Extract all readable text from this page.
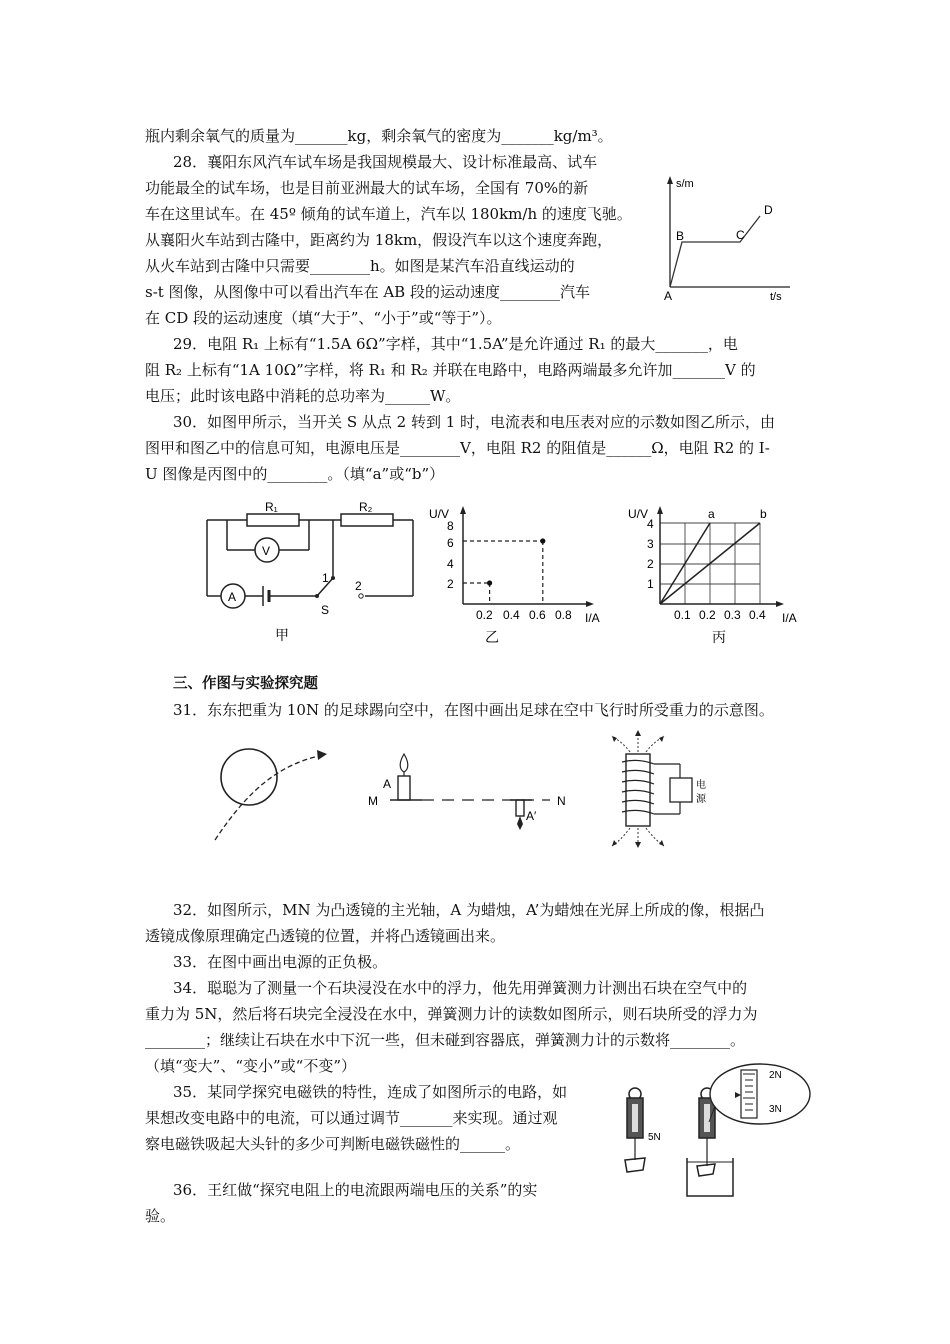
瓶内剩余氧气的质量为_______kg，剩余氧气的密度为_______kg/m³。
28．襄阳东风汽车试车场是我国规模最大、设计标准最高、试车
功能最全的试车场，也是目前亚洲最大的试车场，全国有 70%的新
车在这里试车。在 45º 倾角的试车道上，汽车以 180km/h 的速度飞驰。
从襄阳火车站到古隆中，距离约为 18km，假设汽车以这个速度奔跑，
从火车站到古隆中只需要________h。如图是某汽车沿直线运动的
s-t 图像，从图像中可以看出汽车在 AB 段的运动速度________汽车
在 CD 段的运动速度（填“大于”、“小于”或“等于”）。
29．电阻 R₁ 上标有“1.5A 6Ω”字样，其中“1.5A”是允许通过 R₁ 的最大_______，电
阻 R₂ 上标有“1A 10Ω”字样，将 R₁ 和 R₂ 并联在电路中，电路两端最多允许加_______V 的
电压；此时该电路中消耗的总功率为______W。
30．如图甲所示，当开关 S 从点 2 转到 1 时，电流表和电压表对应的示数如图乙所示，由
图甲和图乙中的信息可知，电源电压是________V，电阻 R2 的阻值是______Ω，电阻 R2 的 I-
U 图像是丙图中的________。（填“a”或“b”）
三、作图与实验探究题
31．东东把重为 10N 的足球踢向空中，在图中画出足球在空中飞行时所受重力的示意图。
32．如图所示，MN 为凸透镜的主光轴，A 为蜡烛，A’为蜡烛在光屏上所成的像，根据凸
透镜成像原理确定凸透镜的位置，并将凸透镜画出来。
33．在图中画出电源的正负极。
34．聪聪为了测量一个石块浸没在水中的浮力，他先用弹簧测力计测出石块在空气中的
重力为 5N，然后将石块完全浸没在水中，弹簧测力计的读数如图所示，则石块所受的浮力为
________；继续让石块在水中下沉一些，但未碰到容器底，弹簧测力计的示数将________。
（填“变大”、“变小”或“不变”）
35．某同学探究电磁铁的特性，连成了如图所示的电路，如
果想改变电路中的电流，可以通过调节_______来实现。通过观
察电磁铁吸起大头针的多少可判断电磁铁磁性的______。
36．王红做“探究电阻上的电流跟两端电压的关系”的实
验。
s/m
t/s
A
B	C
D
R₁	R₂
V
A
1
2
S
甲
U/V
8
6
4
2
0.2 0.4 0.6 0.8 I/A
乙
a	b
U/V
4
3
2
1
0.1 0.2 0.3 0.4 I/A
丙
A
M	N
A′
电
源
5N
2N
3N
